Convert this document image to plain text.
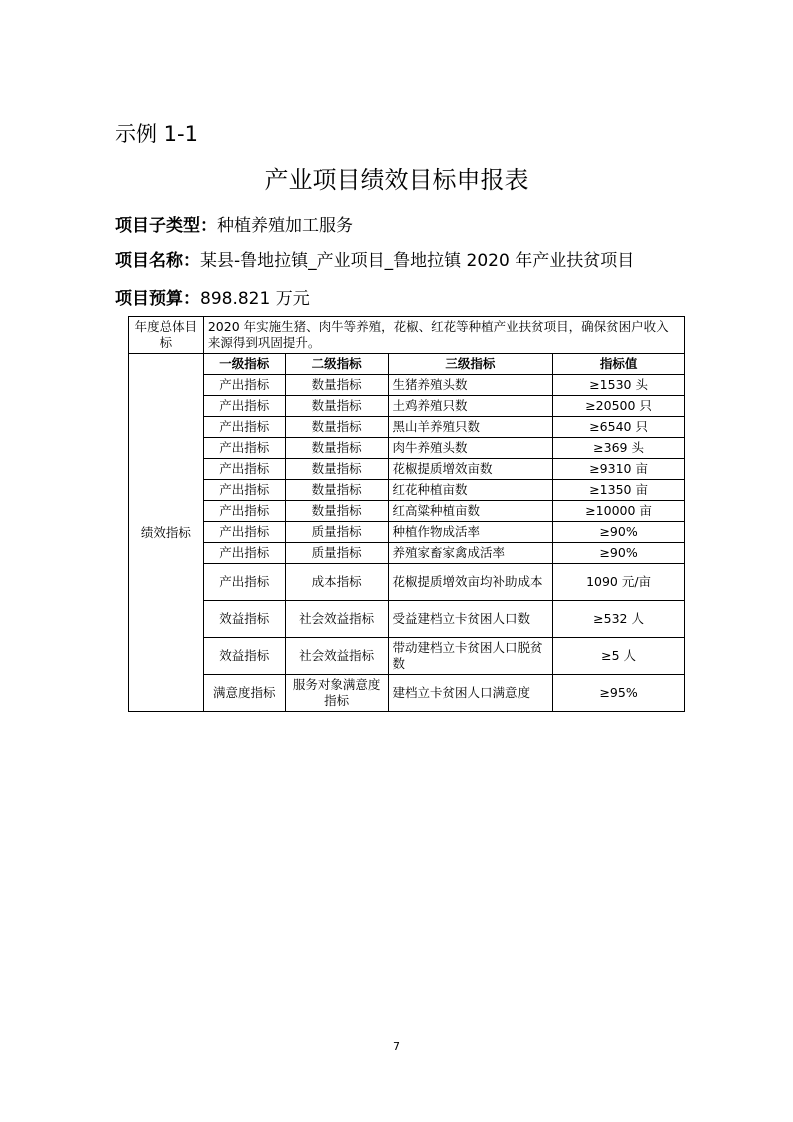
示例 1-1
产业项目绩效目标申报表
项目子类型：种植养殖加工服务
项目名称：某县-鲁地拉镇_产业项目_鲁地拉镇 2020 年产业扶贫项目
项目预算：898.821 万元
年度总体目标	2020 年实施生猪、肉牛等养殖，花椒、红花等种植产业扶贫项目，确保贫困户收入来源得到巩固提升。			
绩效指标	一级指标	二级指标	三级指标	指标值
	产出指标	数量指标	生猪养殖头数	≥1530 头
	产出指标	数量指标	土鸡养殖只数	≥20500 只
	产出指标	数量指标	黑山羊养殖只数	≥6540 只
	产出指标	数量指标	肉牛养殖头数	≥369 头
	产出指标	数量指标	花椒提质增效亩数	≥9310 亩
	产出指标	数量指标	红花种植亩数	≥1350 亩
	产出指标	数量指标	红高粱种植亩数	≥10000 亩
	产出指标	质量指标	种植作物成活率	≥90%
	产出指标	质量指标	养殖家畜家禽成活率	≥90%
	产出指标	成本指标	花椒提质增效亩均补助成本	1090 元/亩
	效益指标	社会效益指标	受益建档立卡贫困人口数	≥532 人
	效益指标	社会效益指标	带动建档立卡贫困人口脱贫数	≥5 人
	满意度指标	服务对象满意度指标	建档立卡贫困人口满意度	≥95%
7
